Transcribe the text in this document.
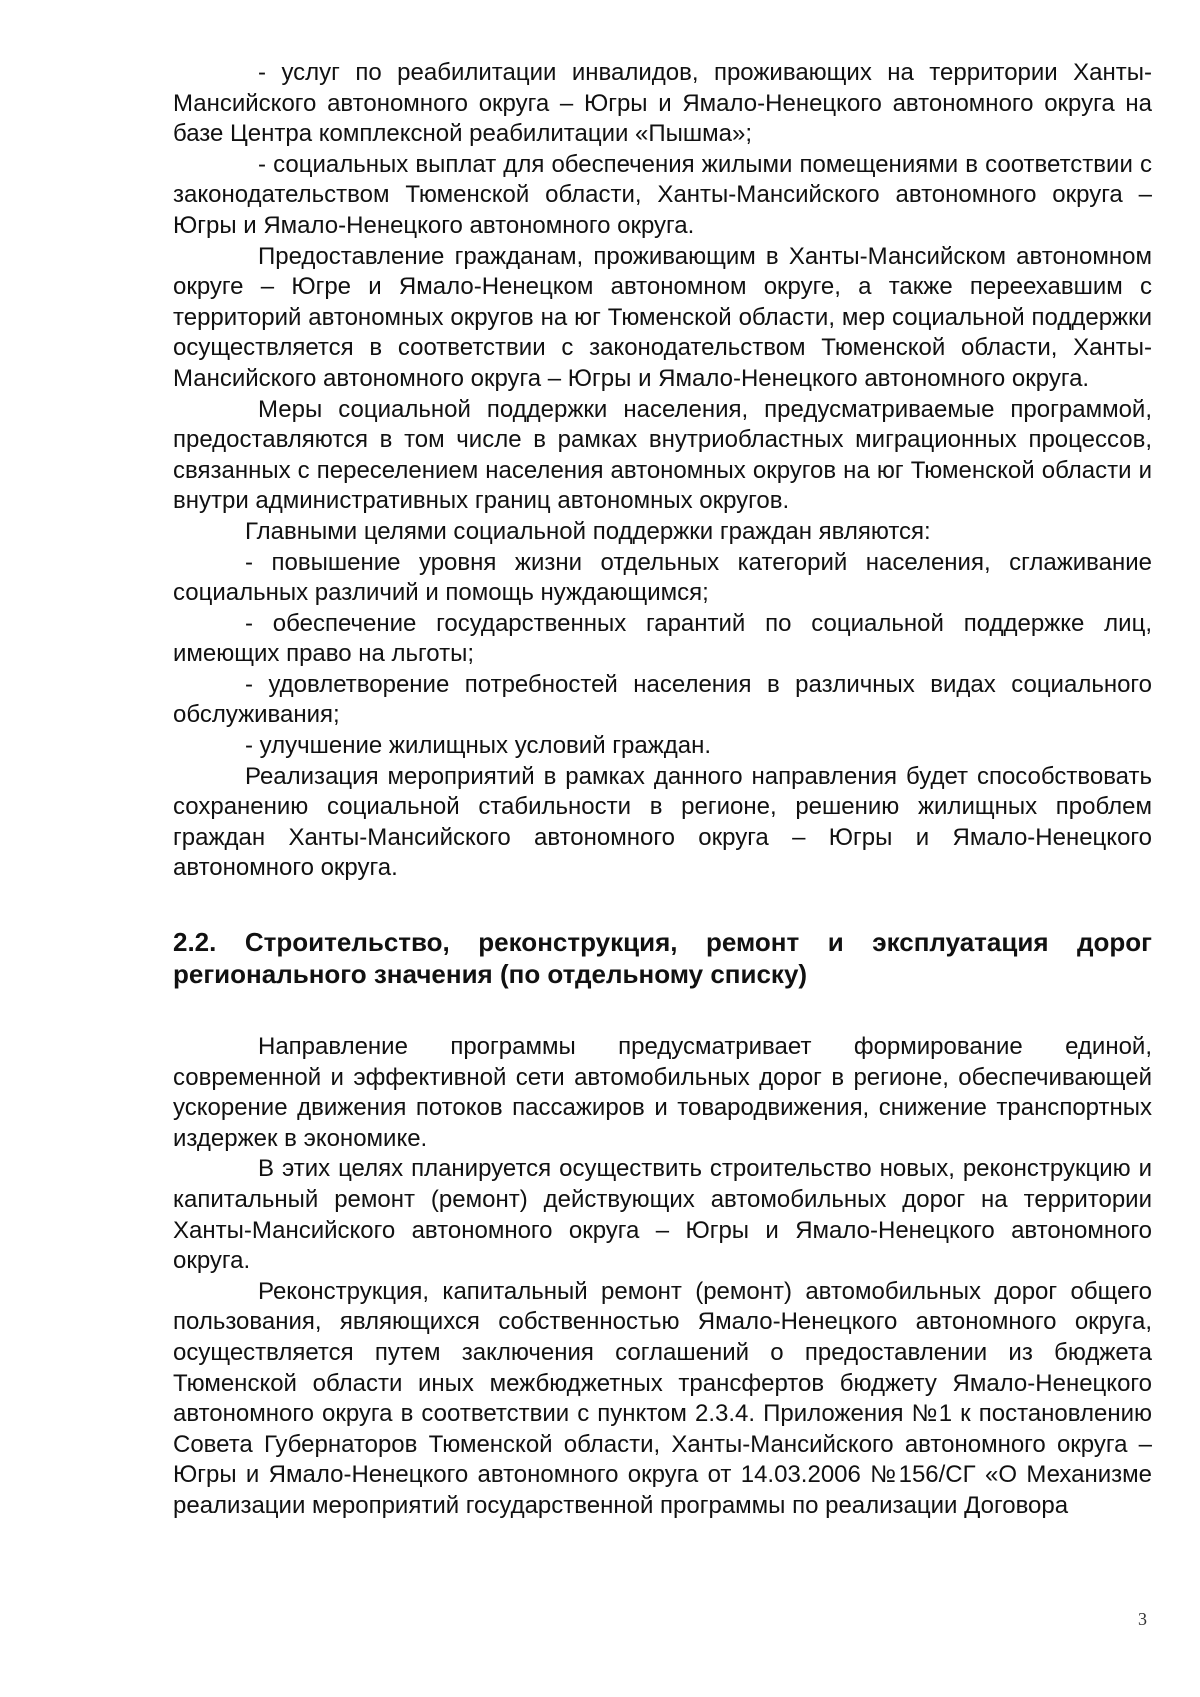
- услуг по реабилитации инвалидов, проживающих на территории Ханты-Мансийского автономного округа – Югры и Ямало-Ненецкого автономного округа на базе Центра комплексной реабилитации «Пышма»;

- социальных выплат для обеспечения жилыми помещениями в соответствии с законодательством Тюменской области, Ханты-Мансийского автономного округа – Югры и Ямало-Ненецкого автономного округа.

Предоставление гражданам, проживающим в Ханты-Мансийском автономном округе – Югре и Ямало-Ненецком автономном округе, а также переехавшим с территорий автономных округов на юг Тюменской области, мер социальной поддержки осуществляется в соответствии с законодательством Тюменской области, Ханты-Мансийского автономного округа – Югры и Ямало-Ненецкого автономного округа.

Меры социальной поддержки населения, предусматриваемые программой, предоставляются в том числе в рамках внутриобластных миграционных процессов, связанных с переселением населения автономных округов на юг Тюменской области и внутри административных границ автономных округов.

Главными целями социальной поддержки граждан являются:

- повышение уровня жизни отдельных категорий населения, сглаживание социальных различий и помощь нуждающимся;

- обеспечение государственных гарантий по социальной поддержке лиц, имеющих право на льготы;

- удовлетворение потребностей населения в различных видах социального обслуживания;

- улучшение жилищных условий граждан.

Реализация мероприятий в рамках данного направления будет способствовать сохранению социальной стабильности в регионе, решению жилищных проблем граждан Ханты-Мансийского автономного округа – Югры и Ямало-Ненецкого автономного округа.

2.2. Строительство, реконструкция, ремонт и эксплуатация дорог регионального значения (по отдельному списку)

Направление программы предусматривает формирование единой, современной и эффективной сети автомобильных дорог в регионе, обеспечивающей ускорение движения потоков пассажиров и товародвижения, снижение транспортных издержек в экономике.

В этих целях планируется осуществить строительство новых, реконструкцию и капитальный ремонт (ремонт) действующих автомобильных дорог на территории Ханты-Мансийского автономного округа – Югры и Ямало-Ненецкого автономного округа.

Реконструкция, капитальный ремонт (ремонт) автомобильных дорог общего пользования, являющихся собственностью Ямало-Ненецкого автономного округа, осуществляется путем заключения соглашений о предоставлении из бюджета Тюменской области иных межбюджетных трансфертов бюджету Ямало-Ненецкого автономного округа в соответствии с пунктом 2.3.4. Приложения №1 к постановлению Совета Губернаторов Тюменской области, Ханты-Мансийского автономного округа – Югры и Ямало-Ненецкого автономного округа от 14.03.2006 №156/СГ «О Механизме реализации мероприятий государственной программы по реализации Договора

3
